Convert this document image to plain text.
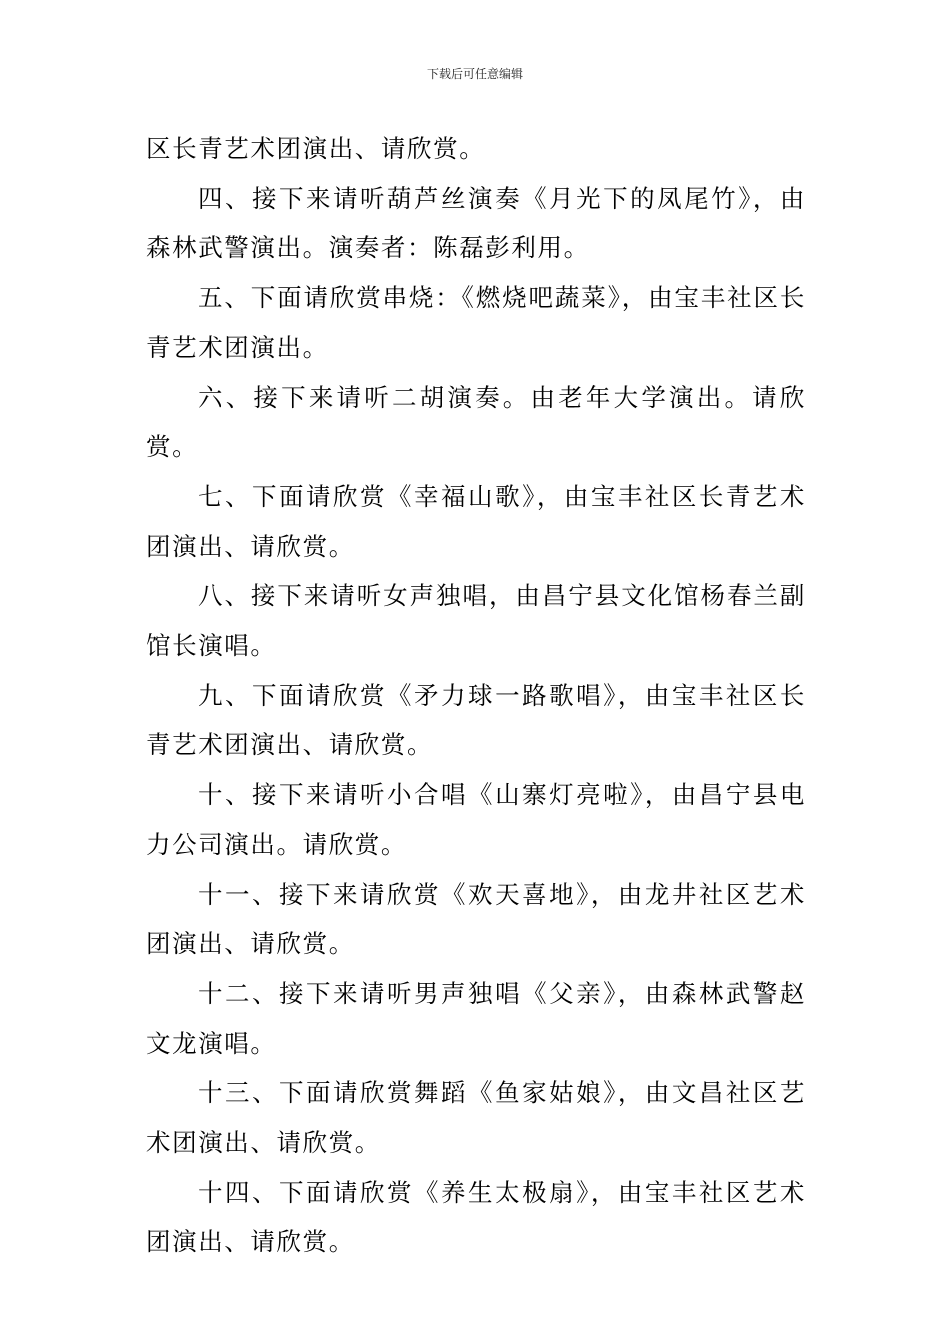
下载后可任意编辑

区长青艺术团演出、请欣赏。

四、接下来请听葫芦丝演奏《月光下的凤尾竹》，由森林武警演出。演奏者：陈磊彭利用。

五、下面请欣赏串烧：《燃烧吧蔬菜》，由宝丰社区长青艺术团演出。

六、接下来请听二胡演奏。由老年大学演出。请欣赏。

七、下面请欣赏《幸福山歌》，由宝丰社区长青艺术团演出、请欣赏。

八、接下来请听女声独唱，由昌宁县文化馆杨春兰副馆长演唱。

九、下面请欣赏《矛力球一路歌唱》，由宝丰社区长青艺术团演出、请欣赏。

十、接下来请听小合唱《山寨灯亮啦》，由昌宁县电力公司演出。请欣赏。

十一、接下来请欣赏《欢天喜地》，由龙井社区艺术团演出、请欣赏。

十二、接下来请听男声独唱《父亲》，由森林武警赵文龙演唱。

十三、下面请欣赏舞蹈《鱼家姑娘》，由文昌社区艺术团演出、请欣赏。

十四、下面请欣赏《养生太极扇》，由宝丰社区艺术团演出、请欣赏。
